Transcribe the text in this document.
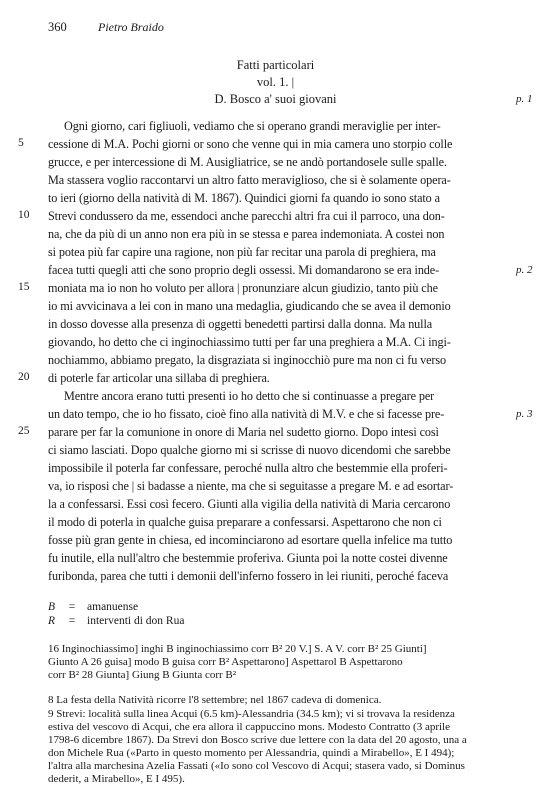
360	Pietro Braido
Fatti particolari
vol. 1. |
D. Bosco a' suoi giovani	p. 1
p. 2
p. 3
5
10
15
20
25
Ogni giorno, cari figliuoli, vediamo che si operano grandi meraviglie per inter-
cessione di M.A. Pochi giorni or sono che venne qui in mia camera uno storpio colle
grucce, e per intercessione di M. Ausigliatrice, se ne andò portandosele sulle spalle.
Ma stassera voglio raccontarvi un altro fatto meraviglioso, che si è solamente opera-
to ieri (giorno della natività di M. 1867). Quindici giorni fa quando io sono stato a
Strevi condussero da me, essendoci anche parecchi altri fra cui il parroco, una don-
na, che da più di un anno non era più in se stessa e parea indemoniata. A costei non
si potea più far capire una ragione, non più far recitar una parola di preghiera, ma
facea tutti quegli atti che sono proprio degli ossessi. Mi domandarono se era inde-
moniata ma io non ho voluto per allora | pronunziare alcun giudizio, tanto più che
io mi avvicinava a lei con in mano una medaglia, giudicando che se avea il demonio
in dosso dovesse alla presenza di oggetti benedetti partirsi dalla donna. Ma nulla
giovando, ho detto che ci inginochiassimo tutti per far una preghiera a M.A. Ci ingi-
nochiammo, abbiamo pregato, la disgraziata si inginocchiò pure ma non ci fu verso
di poterle far articolar una sillaba di preghiera.
Mentre ancora erano tutti presenti io ho detto che si continuasse a pregare per
un dato tempo, che io ho fissato, cioè fino alla natività di M.V. e che si facesse pre-
parare per far la comunione in onore di Maria nel sudetto giorno. Dopo intesi così
ci siamo lasciati. Dopo qualche giorno mi si scrisse di nuovo dicendomi che sarebbe
impossibile il poterla far confessare, peroché nulla altro che bestemmie ella proferi-
va, io risposi che | si badasse a niente, ma che si seguitasse a pregare M. e ad esortar-
la a confessarsi. Essi così fecero. Giunti alla vigilia della natività di Maria cercarono
il modo di poterla in qualche guisa preparare a confessarsi. Aspettarono che non ci
fosse più gran gente in chiesa, ed incominciarono ad esortare quella infelice ma tutto
fu inutile, ella null'altro che bestemmie proferiva. Giunta poi la notte costei divenne
furibonda, parea che tutti i demonii dell'inferno fossero in lei riuniti, peroché faceva
B = amanuense
R = interventi di don Rua
16 Inginochiassimo] inghi B inginochiassimo corr B² 20 V.] S. A V. corr B² 25 Giunti]
Giunto A 26 guisa] modo B guisa corr B² Aspettarono] Aspettarol B Aspettarono
corr B² 28 Giunta] Giung B Giunta corr B²
8 La festa della Natività ricorre l'8 settembre; nel 1867 cadeva di domenica.
9 Strevi: località sulla linea Acqui (6.5 km)-Alessandria (34.5 km); vi si trovava la residenza
estiva del vescovo di Acqui, che era allora il cappuccino mons. Modesto Contratto (3 aprile
1798-6 dicembre 1867). Da Strevi don Bosco scrive due lettere con la data del 20 agosto, una a
don Michele Rua («Parto in questo momento per Alessandria, quindi a Mirabello», E I 494);
l'altra alla marchesina Azelia Fassati («Io sono col Vescovo di Acqui; stasera vado, si Dominus
dederit, a Mirabello», E I 495).
